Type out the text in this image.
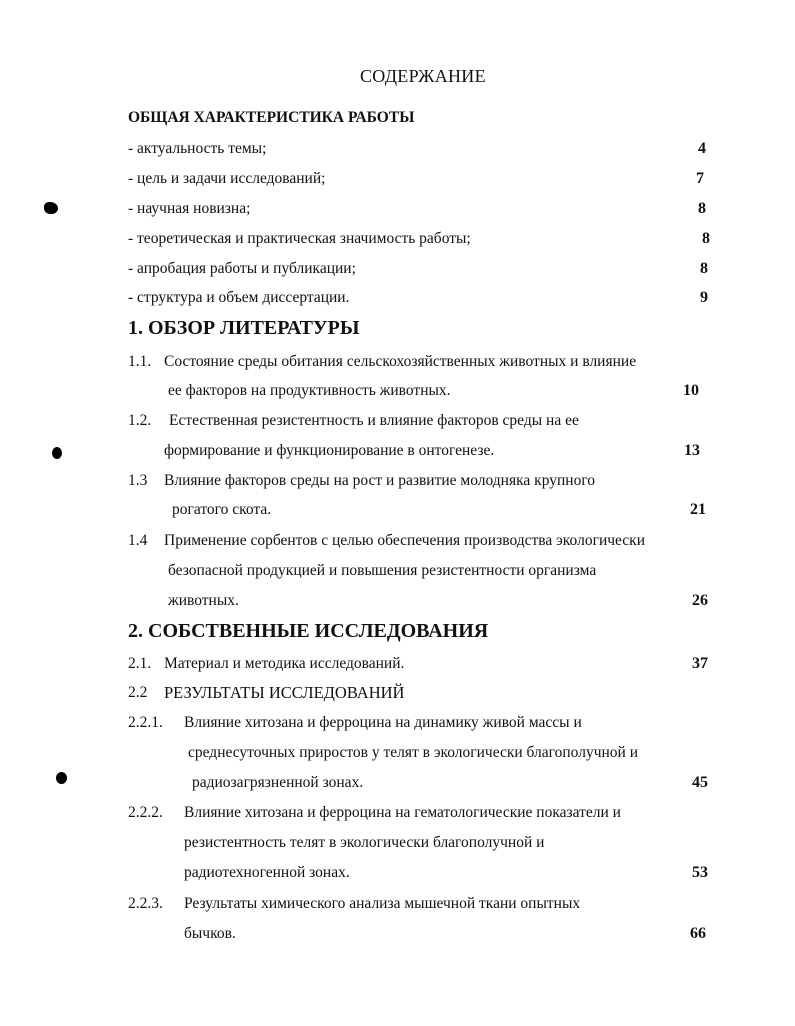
СОДЕРЖАНИЕ
ОБЩАЯ ХАРАКТЕРИСТИКА РАБОТЫ
- актуальность темы;	4
- цель и задачи исследований;	7
- научная новизна;	8
- теоретическая и практическая значимость работы;	8
- апробация работы и публикации;	8
- структура и объем диссертации.	9
1. ОБЗОР ЛИТЕРАТУРЫ
1.1. Состояние среды обитания сельскохозяйственных животных и влияние
ее факторов на продуктивность животных.	10
1.2. Естественная резистентность и влияние факторов среды на ее
формирование и функционирование в онтогенезе.	13
1.3 Влияние факторов среды на рост и развитие молодняка крупного
рогатого скота.	21
1.4 Применение сорбентов с целью обеспечения производства экологически
безопасной продукцией и повышения резистентности организма
животных.	26
2. СОБСТВЕННЫЕ ИССЛЕДОВАНИЯ
2.1. Материал и методика исследований.	37
2.2 РЕЗУЛЬТАТЫ ИССЛЕДОВАНИЙ
2.2.1. Влияние хитозана и ферроцина на динамику живой массы и
среднесуточных приростов у телят в экологически благополучной и
радиозагрязненной зонах.	45
2.2.2. Влияние хитозана и ферроцина на гематологические показатели и
резистентность телят в экологически благополучной и
радиотехногенной зонах.	53
2.2.3. Результаты химического анализа мышечной ткани опытных
бычков.	66
